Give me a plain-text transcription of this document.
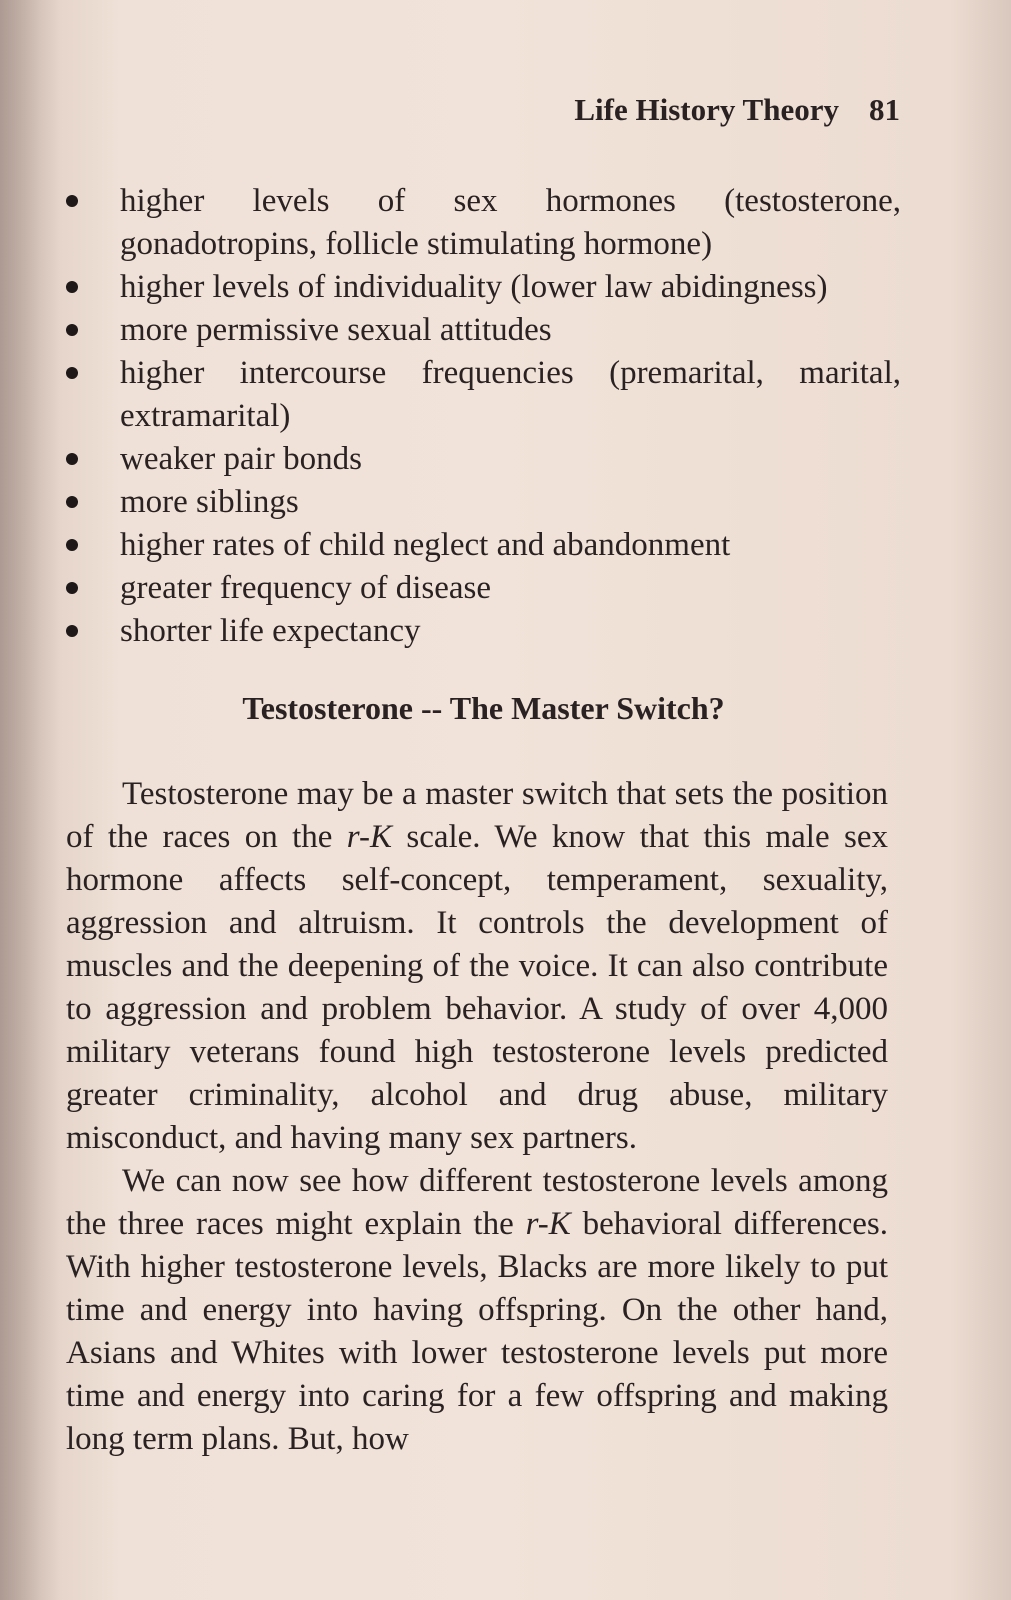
Life History Theory 81
higher levels of sex hormones (testosterone, gonadotropins, follicle stimulating hormone)
higher levels of individuality (lower law abidingness)
more permissive sexual attitudes
higher intercourse frequencies (premarital, marital, extramarital)
weaker pair bonds
more siblings
higher rates of child neglect and abandonment
greater frequency of disease
shorter life expectancy
Testosterone -- The Master Switch?

Testosterone may be a master switch that sets the position of the races on the r-K scale. We know that this male sex hormone affects self-concept, temperament, sexuality, aggression and altruism. It controls the development of muscles and the deepening of the voice. It can also contribute to aggression and problem behavior. A study of over 4,000 military veterans found high testosterone levels predicted greater criminality, alcohol and drug abuse, military misconduct, and having many sex partners.

We can now see how different testosterone levels among the three races might explain the r-K behavioral differences. With higher testosterone levels, Blacks are more likely to put time and energy into having offspring. On the other hand, Asians and Whites with lower testosterone levels put more time and energy into caring for a few offspring and making long term plans. But, how
